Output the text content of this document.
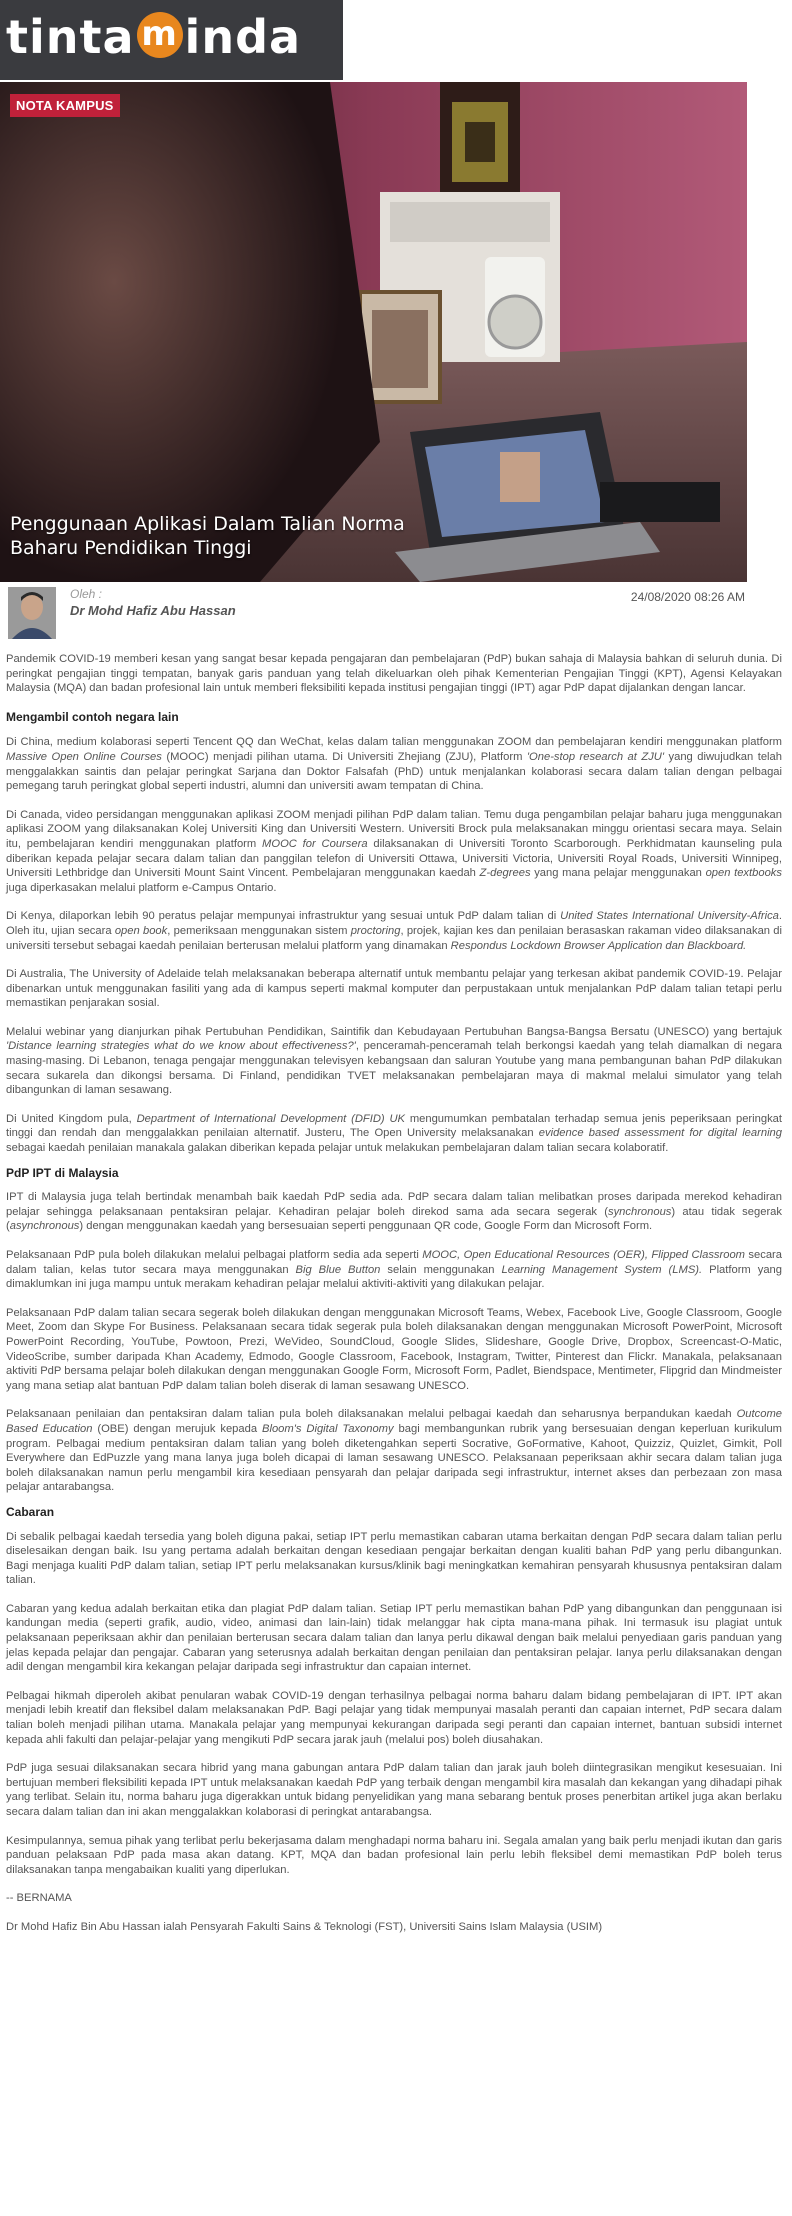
tinta m inda
NOTA KAMPUS
Penggunaan Aplikasi Dalam Talian Norma Baharu Pendidikan Tinggi
Oleh :
Dr Mohd Hafiz Abu Hassan
24/08/2020 08:26 AM

Pandemik COVID-19 memberi kesan yang sangat besar kepada pengajaran dan pembelajaran (PdP) bukan sahaja di Malaysia bahkan di seluruh dunia. Di peringkat pengajian tinggi tempatan, banyak garis panduan yang telah dikeluarkan oleh pihak Kementerian Pengajian Tinggi (KPT), Agensi Kelayakan Malaysia (MQA) dan badan profesional lain untuk memberi fleksibiliti kepada institusi pengajian tinggi (IPT) agar PdP dapat dijalankan dengan lancar.

Mengambil contoh negara lain

Di China, medium kolaborasi seperti Tencent QQ dan WeChat, kelas dalam talian menggunakan ZOOM dan pembelajaran kendiri menggunakan platform Massive Open Online Courses (MOOC) menjadi pilihan utama. Di Universiti Zhejiang (ZJU), Platform 'One-stop research at ZJU' yang diwujudkan telah menggalakkan saintis dan pelajar peringkat Sarjana dan Doktor Falsafah (PhD) untuk menjalankan kolaborasi secara dalam talian dengan pelbagai pemegang taruh peringkat global seperti industri, alumni dan universiti awam tempatan di China.

Di Canada, video persidangan menggunakan aplikasi ZOOM menjadi pilihan PdP dalam talian. Temu duga pengambilan pelajar baharu juga menggunakan aplikasi ZOOM yang dilaksanakan Kolej Universiti King dan Universiti Western. Universiti Brock pula melaksanakan minggu orientasi secara maya. Selain itu, pembelajaran kendiri menggunakan platform MOOC for Coursera dilaksanakan di Universiti Toronto Scarborough. Perkhidmatan kaunseling pula diberikan kepada pelajar secara dalam talian dan panggilan telefon di Universiti Ottawa, Universiti Victoria, Universiti Royal Roads, Universiti Winnipeg, Universiti Lethbridge dan Universiti Mount Saint Vincent. Pembelajaran menggunakan kaedah Z-degrees yang mana pelajar menggunakan open textbooks juga diperkasakan melalui platform e-Campus Ontario.

Di Kenya, dilaporkan lebih 90 peratus pelajar mempunyai infrastruktur yang sesuai untuk PdP dalam talian di United States International University-Africa. Oleh itu, ujian secara open book, pemeriksaan menggunakan sistem proctoring, projek, kajian kes dan penilaian berasaskan rakaman video dilaksanakan di universiti tersebut sebagai kaedah penilaian berterusan melalui platform yang dinamakan Respondus Lockdown Browser Application dan Blackboard.

Di Australia, The University of Adelaide telah melaksanakan beberapa alternatif untuk membantu pelajar yang terkesan akibat pandemik COVID-19. Pelajar dibenarkan untuk menggunakan fasiliti yang ada di kampus seperti makmal komputer dan perpustakaan untuk menjalankan PdP dalam talian tetapi perlu memastikan penjarakan sosial.

Melalui webinar yang dianjurkan pihak Pertubuhan Pendidikan, Saintifik dan Kebudayaan Pertubuhan Bangsa-Bangsa Bersatu (UNESCO) yang bertajuk 'Distance learning strategies what do we know about effectiveness?', penceramah-penceramah telah berkongsi kaedah yang telah diamalkan di negara masing-masing. Di Lebanon, tenaga pengajar menggunakan televisyen kebangsaan dan saluran Youtube yang mana pembangunan bahan PdP dilakukan secara sukarela dan dikongsi bersama. Di Finland, pendidikan TVET melaksanakan pembelajaran maya di makmal melalui simulator yang telah dibangunkan di laman sesawang.

Di United Kingdom pula, Department of International Development (DFID) UK mengumumkan pembatalan terhadap semua jenis peperiksaan peringkat tinggi dan rendah dan menggalakkan penilaian alternatif. Justeru, The Open University melaksanakan evidence based assessment for digital learning sebagai kaedah penilaian manakala galakan diberikan kepada pelajar untuk melakukan pembelajaran dalam talian secara kolaboratif.

PdP IPT di Malaysia

IPT di Malaysia juga telah bertindak menambah baik kaedah PdP sedia ada. PdP secara dalam talian melibatkan proses daripada merekod kehadiran pelajar sehingga pelaksanaan pentaksiran pelajar. Kehadiran pelajar boleh direkod sama ada secara segerak (synchronous) atau tidak segerak (asynchronous) dengan menggunakan kaedah yang bersesuaian seperti penggunaan QR code, Google Form dan Microsoft Form.

Pelaksanaan PdP pula boleh dilakukan melalui pelbagai platform sedia ada seperti MOOC, Open Educational Resources (OER), Flipped Classroom secara dalam talian, kelas tutor secara maya menggunakan Big Blue Button selain menggunakan Learning Management System (LMS). Platform yang dimaklumkan ini juga mampu untuk merakam kehadiran pelajar melalui aktiviti-aktiviti yang dilakukan pelajar.

Pelaksanaan PdP dalam talian secara segerak boleh dilakukan dengan menggunakan Microsoft Teams, Webex, Facebook Live, Google Classroom, Google Meet, Zoom dan Skype For Business. Pelaksanaan secara tidak segerak pula boleh dilaksanakan dengan menggunakan Microsoft PowerPoint, Microsoft PowerPoint Recording, YouTube, Powtoon, Prezi, WeVideo, SoundCloud, Google Slides, Slideshare, Google Drive, Dropbox, Screencast-O-Matic, VideoScribe, sumber daripada Khan Academy, Edmodo, Google Classroom, Facebook, Instagram, Twitter, Pinterest dan Flickr. Manakala, pelaksanaan aktiviti PdP bersama pelajar boleh dilakukan dengan menggunakan Google Form, Microsoft Form, Padlet, Biendspace, Mentimeter, Flipgrid dan Mindmeister yang mana setiap alat bantuan PdP dalam talian boleh diserak di laman sesawang UNESCO.

Pelaksanaan penilaian dan pentaksiran dalam talian pula boleh dilaksanakan melalui pelbagai kaedah dan seharusnya berpandukan kaedah Outcome Based Education (OBE) dengan merujuk kepada Bloom's Digital Taxonomy bagi membangunkan rubrik yang bersesuaian dengan keperluan kurikulum program. Pelbagai medium pentaksiran dalam talian yang boleh diketengahkan seperti Socrative, GoFormative, Kahoot, Quizziz, Quizlet, Gimkit, Poll Everywhere dan EdPuzzle yang mana lanya juga boleh dicapai di laman sesawang UNESCO. Pelaksanaan peperiksaan akhir secara dalam talian juga boleh dilaksanakan namun perlu mengambil kira kesediaan pensyarah dan pelajar daripada segi infrastruktur, internet akses dan perbezaan zon masa pelajar antarabangsa.

Cabaran

Di sebalik pelbagai kaedah tersedia yang boleh diguna pakai, setiap IPT perlu memastikan cabaran utama berkaitan dengan PdP secara dalam talian perlu diselesaikan dengan baik. Isu yang pertama adalah berkaitan dengan kesediaan pengajar berkaitan dengan kualiti bahan PdP yang perlu dibangunkan. Bagi menjaga kualiti PdP dalam talian, setiap IPT perlu melaksanakan kursus/klinik bagi meningkatkan kemahiran pensyarah khususnya pentaksiran dalam talian.

Cabaran yang kedua adalah berkaitan etika dan plagiat PdP dalam talian. Setiap IPT perlu memastikan bahan PdP yang dibangunkan dan penggunaan isi kandungan media (seperti grafik, audio, video, animasi dan lain-lain) tidak melanggar hak cipta mana-mana pihak. Ini termasuk isu plagiat untuk pelaksanaan peperiksaan akhir dan penilaian berterusan secara dalam talian dan lanya perlu dikawal dengan baik melalui penyediaan garis panduan yang jelas kepada pelajar dan pengajar. Cabaran yang seterusnya adalah berkaitan dengan penilaian dan pentaksiran pelajar. Ianya perlu dilaksanakan dengan adil dengan mengambil kira kekangan pelajar daripada segi infrastruktur dan capaian internet.

Pelbagai hikmah diperoleh akibat penularan wabak COVID-19 dengan terhasilnya pelbagai norma baharu dalam bidang pembelajaran di IPT. IPT akan menjadi lebih kreatif dan fleksibel dalam melaksanakan PdP. Bagi pelajar yang tidak mempunyai masalah peranti dan capaian internet, PdP secara dalam talian boleh menjadi pilihan utama. Manakala pelajar yang mempunyai kekurangan daripada segi peranti dan capaian internet, bantuan subsidi internet kepada ahli fakulti dan pelajar-pelajar yang mengikuti PdP secara jarak jauh (melalui pos) boleh diusahakan.

PdP juga sesuai dilaksanakan secara hibrid yang mana gabungan antara PdP dalam talian dan jarak jauh boleh diintegrasikan mengikut kesesuaian. Ini bertujuan memberi fleksibiliti kepada IPT untuk melaksanakan kaedah PdP yang terbaik dengan mengambil kira masalah dan kekangan yang dihadapi pihak yang terlibat. Selain itu, norma baharu juga digerakkan untuk bidang penyelidikan yang mana sebarang bentuk proses penerbitan artikel juga akan berlaku secara dalam talian dan ini akan menggalakkan kolaborasi di peringkat antarabangsa.

Kesimpulannya, semua pihak yang terlibat perlu bekerjasama dalam menghadapi norma baharu ini. Segala amalan yang baik perlu menjadi ikutan dan garis panduan pelaksaan PdP pada masa akan datang. KPT, MQA dan badan profesional lain perlu lebih fleksibel demi memastikan PdP boleh terus dilaksanakan tanpa mengabaikan kualiti yang diperlukan.

-- BERNAMA

Dr Mohd Hafiz Bin Abu Hassan ialah Pensyarah Fakulti Sains & Teknologi (FST), Universiti Sains Islam Malaysia (USIM)
